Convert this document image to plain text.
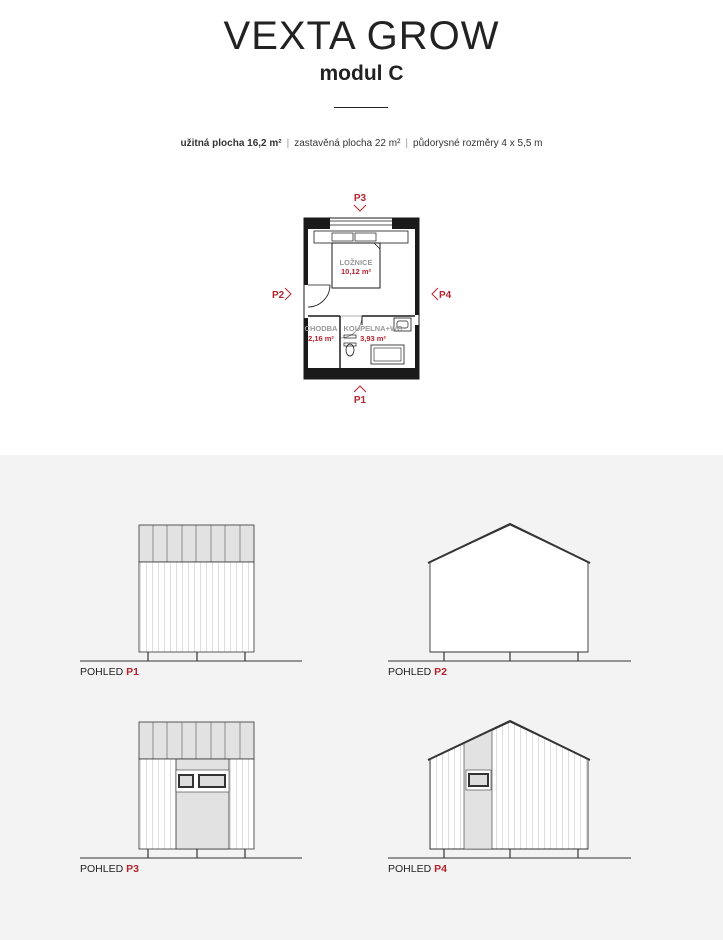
VEXTA GROW
modul C
užitná plocha 16,2 m² | zastavěná plocha 22 m² | půdorysné rozměry 4 x 5,5 m
P3
LOŽNICE
10,12 m²
CHODBA
2,16 m²
KOUPELNA+WC
3,93 m²
P2	P4
P1
POHLED P1	POHLED P2
POHLED P3	POHLED P4
